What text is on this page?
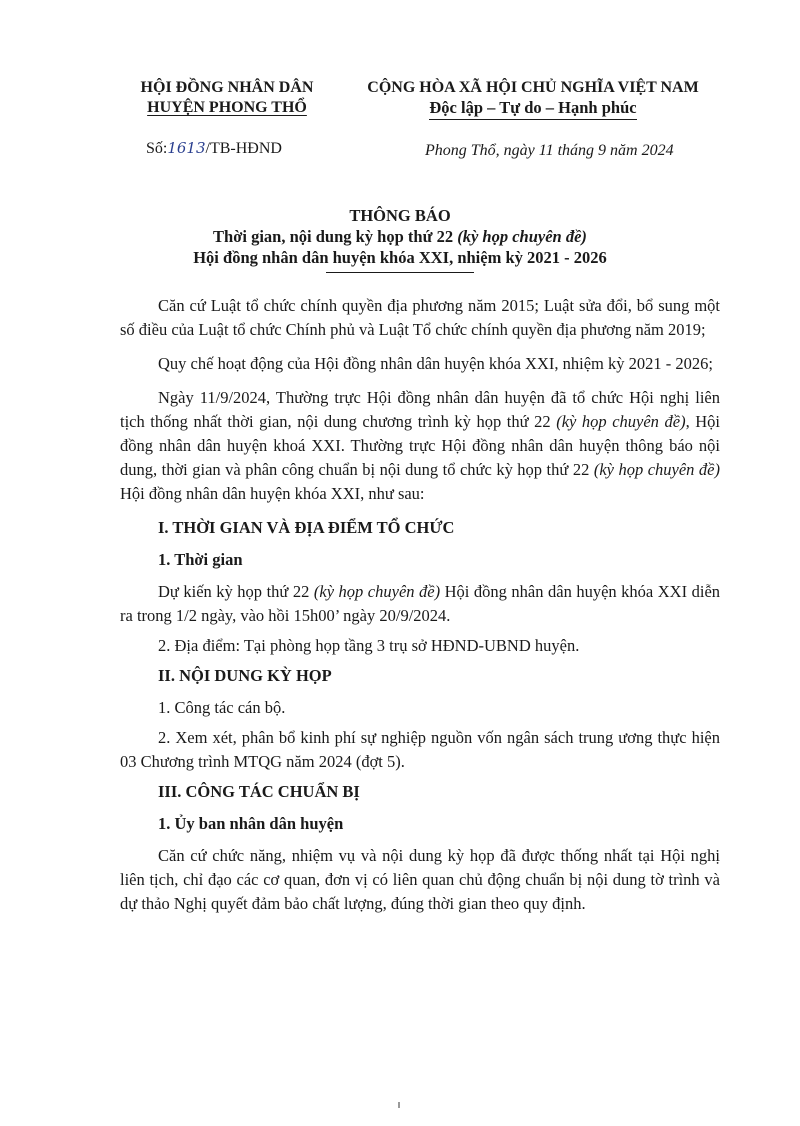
HỘI ĐỒNG NHÂN DÂN
HUYỆN PHONG THỔ
CỘNG HÒA XÃ HỘI CHỦ NGHĨA VIỆT NAM
Độc lập – Tự do – Hạnh phúc
Số:1613/TB-HĐND	Phong Thổ, ngày 11 tháng 9 năm 2024
THÔNG BÁO
Thời gian, nội dung kỳ họp thứ 22 (kỳ họp chuyên đề)
Hội đồng nhân dân huyện khóa XXI, nhiệm kỳ 2021 - 2026

Căn cứ Luật tổ chức chính quyền địa phương năm 2015; Luật sửa đổi, bổ sung một số điều của Luật tổ chức Chính phủ và Luật Tổ chức chính quyền địa phương năm 2019;

Quy chế hoạt động của Hội đồng nhân dân huyện khóa XXI, nhiệm kỳ 2021 - 2026;

Ngày 11/9/2024, Thường trực Hội đồng nhân dân huyện đã tổ chức Hội nghị liên tịch thống nhất thời gian, nội dung chương trình kỳ họp thứ 22 (kỳ họp chuyên đề), Hội đồng nhân dân huyện khoá XXI. Thường trực Hội đồng nhân dân huyện thông báo nội dung, thời gian và phân công chuẩn bị nội dung tổ chức kỳ họp thứ 22 (kỳ họp chuyên đề) Hội đồng nhân dân huyện khóa XXI, như sau:

I. THỜI GIAN VÀ ĐỊA ĐIỂM TỔ CHỨC
1. Thời gian

Dự kiến kỳ họp thứ 22 (kỳ họp chuyên đề) Hội đồng nhân dân huyện khóa XXI diễn ra trong 1/2 ngày, vào hồi 15h00’ ngày 20/9/2024.

2. Địa điểm: Tại phòng họp tầng 3 trụ sở HĐND-UBND huyện.

II. NỘI DUNG KỲ HỌP

1. Công tác cán bộ.

2. Xem xét, phân bổ kinh phí sự nghiệp nguồn vốn ngân sách trung ương thực hiện 03 Chương trình MTQG năm 2024 (đợt 5).

III. CÔNG TÁC CHUẨN BỊ
1. Ủy ban nhân dân huyện

Căn cứ chức năng, nhiệm vụ và nội dung kỳ họp đã được thống nhất tại Hội nghị liên tịch, chỉ đạo các cơ quan, đơn vị có liên quan chủ động chuẩn bị nội dung tờ trình và dự thảo Nghị quyết đảm bảo chất lượng, đúng thời gian theo quy định.
